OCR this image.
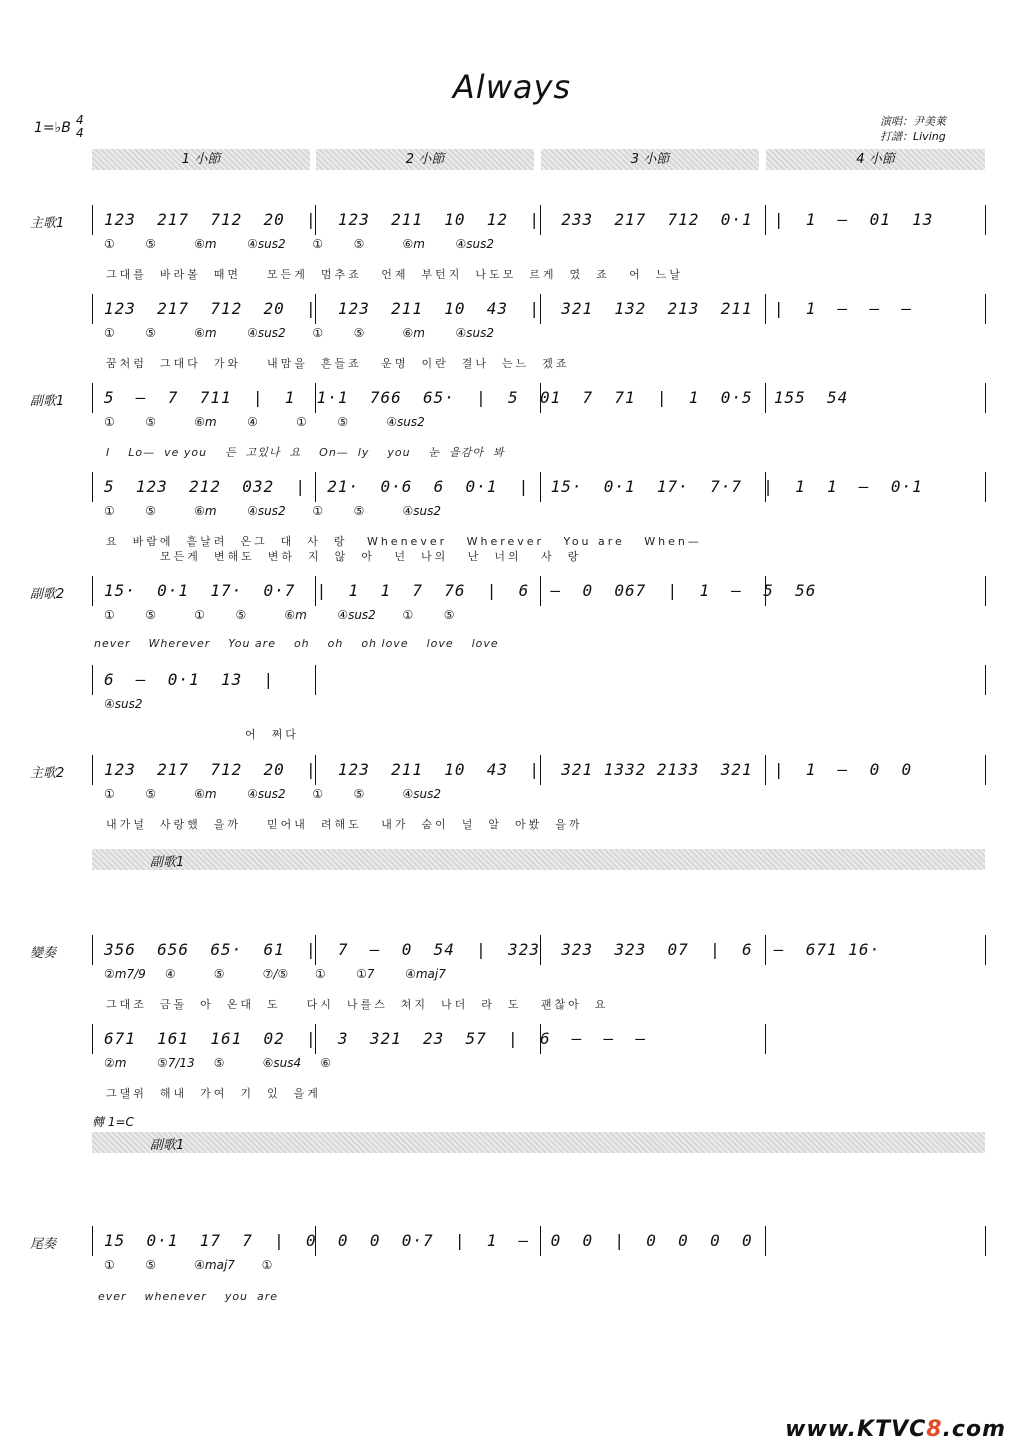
Always
1=♭B 4
4
演唱：尹美萊
打譜：Living
1 小節	2 小節	3 小節	4 小節
主歌1 123  217  712  20  |  123  211  10  12  |  233  217  712  0·1  |  1  —  01  13
①        ⑤          ⑥m        ④sus2       ①        ⑤          ⑥m        ④sus2
그대를  바라볼  때면    모든게  멈추죠   언제  부턴지  나도모  르게  였  죠   어  느날
123  217  712  20  |  123  211  10  43  |  321  132  213  211  |  1  —  —  —
①        ⑤          ⑥m        ④sus2       ①        ⑤          ⑥m        ④sus2
꿈처럼  그대다  가와    내맘을  흔들죠   운명  이란  결나  는느  겠죠
副歌1 5  —  7  711  |  1  1·1  766  65·  |  5  01  7  71  |  1  0·5  155  54
①        ⑤          ⑥m        ④          ①        ⑤          ④sus2
I    Lo—  ve you    든  고있나  요    On—  ly    you    눈  을감아  봐
5  123  212  032  |  21·  0·6  6  0·1  |  15·  0·1  17·  7·7  |  1  1  —  0·1
①        ⑤          ⑥m        ④sus2       ①        ⑤          ④sus2
요  바람에  흩날려  온그  대  사  랑   Whenever   Wherever   You are   When—
모든게  변해도  변하  지  않  아   넌  나의   난  너의   사  랑
副歌2 15·  0·1  17·  0·7  |  1  1  7  76  |  6  —  0  067  |  1  —  5  56
①        ⑤          ①        ⑤          ⑥m        ④sus2       ①        ⑤
never    Wherever    You are    oh    oh    oh love    love    love
6  —  0·1  13  |
④sus2
어  쩌다
主歌2 123  217  712  20  |  123  211  10  43  |  321 1332 2133  321  |  1  —  0  0
①        ⑤          ⑥m        ④sus2       ①        ⑤          ④sus2
내가널  사랑했  을까    믿어내  려해도   내가  숨이  널  알  아봤  을까
副歌1
變奏	356  656  65·  61  |  7  —  0  54  |  323  323  323  07  |  6  —  671 16·
②m7/9     ④          ⑤          ⑦/⑤       ①        ①7        ④maj7
그대조  금돌  아  온대  도    다시  나를스  쳐지  나더  라  도   괜찮아  요
671  161  161  02  |  3  321  23  57  |  6  —  —  —
②m        ⑤7/13     ⑤          ⑥sus4     ⑥
그댈위  해내  가여  기  있  을게
轉 1=C
副歌1
尾奏	15  0·1  17  7  |  0  0  0  0·7  |  1  —  0  0  |  0  0  0  0
①        ⑤          ④maj7       ①
ever    whenever    you  are
www.KTVC8.com
